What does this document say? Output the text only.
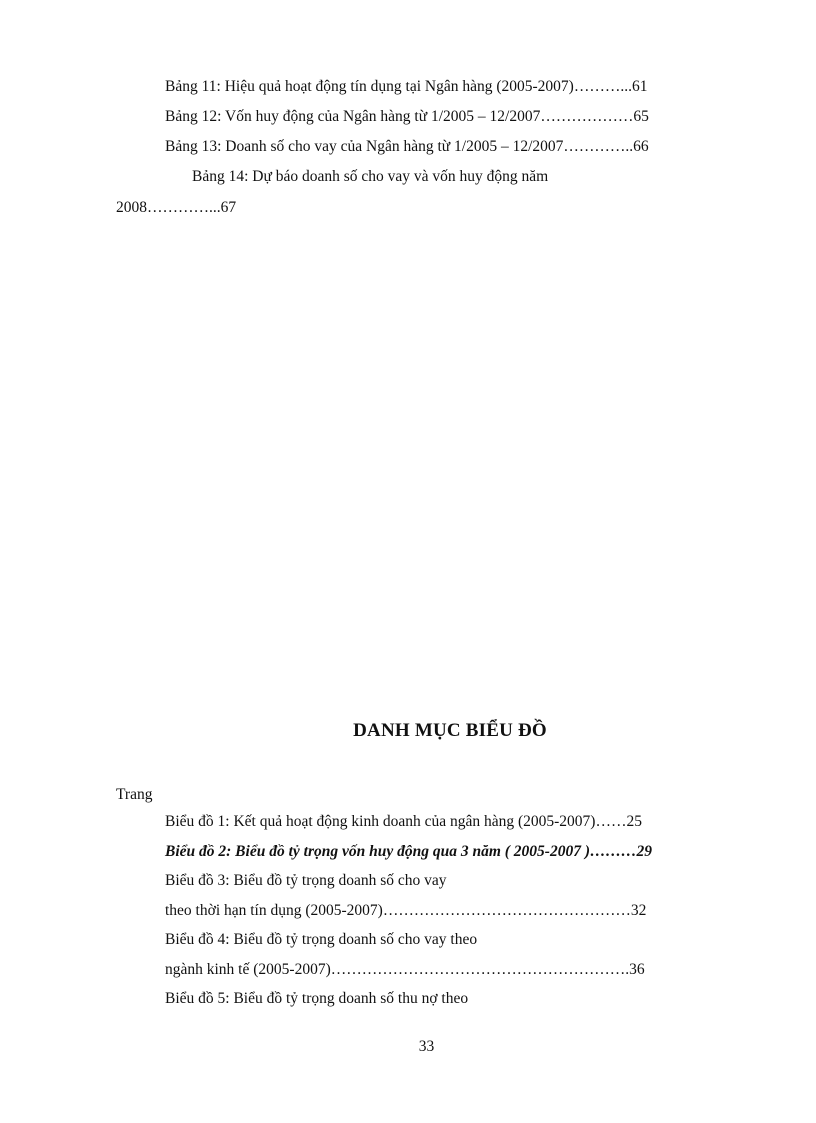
Bảng 11: Hiệu quả hoạt động tín dụng tại Ngân hàng (2005-2007)………...61
Bảng 12: Vốn huy động của Ngân hàng từ 1/2005 – 12/2007………………65
Bảng 13: Doanh số cho vay của Ngân hàng từ 1/2005 – 12/2007…………..66
Bảng 14: Dự báo doanh số cho vay và vốn huy động năm
2008…………...67
DANH MỤC BIỂU ĐỒ
Trang
Biểu đồ 1: Kết quả hoạt động kinh doanh của ngân hàng (2005-2007)……25
Biểu đồ 2: Biểu đồ tỷ trọng vốn huy động qua 3 năm ( 2005-2007 )………29
Biểu đồ 3: Biểu đồ tỷ trọng doanh số cho vay
theo thời hạn tín dụng (2005-2007)…………………………………………32
Biểu đồ 4: Biểu đồ tỷ trọng doanh số cho vay theo
ngành kinh tế (2005-2007)………………………………………………….36
Biểu đồ 5: Biểu đồ tỷ trọng doanh số thu nợ theo
33
